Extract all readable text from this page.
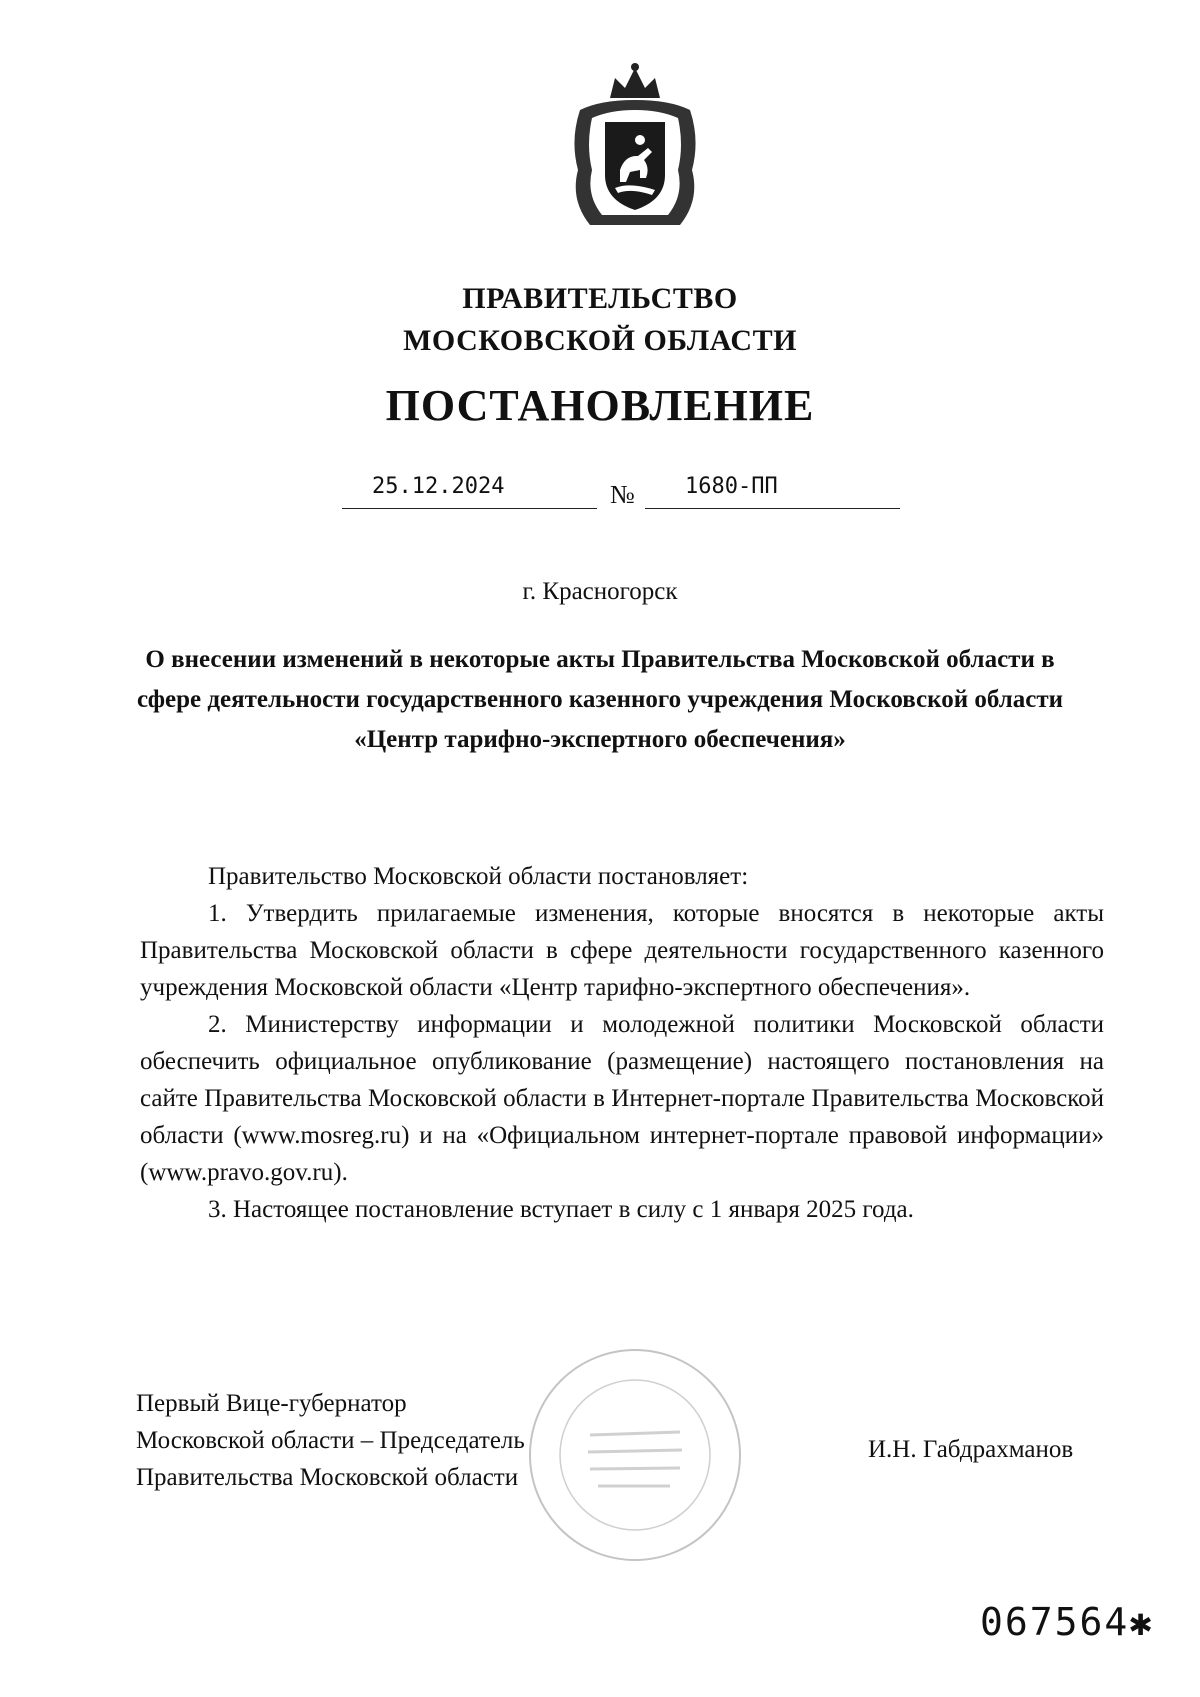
ПРАВИТЕЛЬСТВО
МОСКОВСКОЙ ОБЛАСТИ
ПОСТАНОВЛЕНИЕ
25.12.2024	№ 1680-ПП
г. Красногорск
О внесении изменений в некоторые акты Правительства Московской области в сфере деятельности государственного казенного учреждения Московской области «Центр тарифно-экспертного обеспечения»

Правительство Московской области постановляет:

1. Утвердить прилагаемые изменения, которые вносятся в некоторые акты Правительства Московской области в сфере деятельности государственного казенного учреждения Московской области «Центр тарифно-экспертного обеспечения».

2. Министерству информации и молодежной политики Московской области обеспечить официальное опубликование (размещение) настоящего постановления на сайте Правительства Московской области в Интернет-портале Правительства Московской области (www.mosreg.ru) и на «Официальном интернет-портале правовой информации» (www.pravo.gov.ru).

3. Настоящее постановление вступает в силу с 1 января 2025 года.

Первый Вице-губернатор
Московской области – Председатель
Правительства Московской области
И.Н. Габдрахманов
067564✱
